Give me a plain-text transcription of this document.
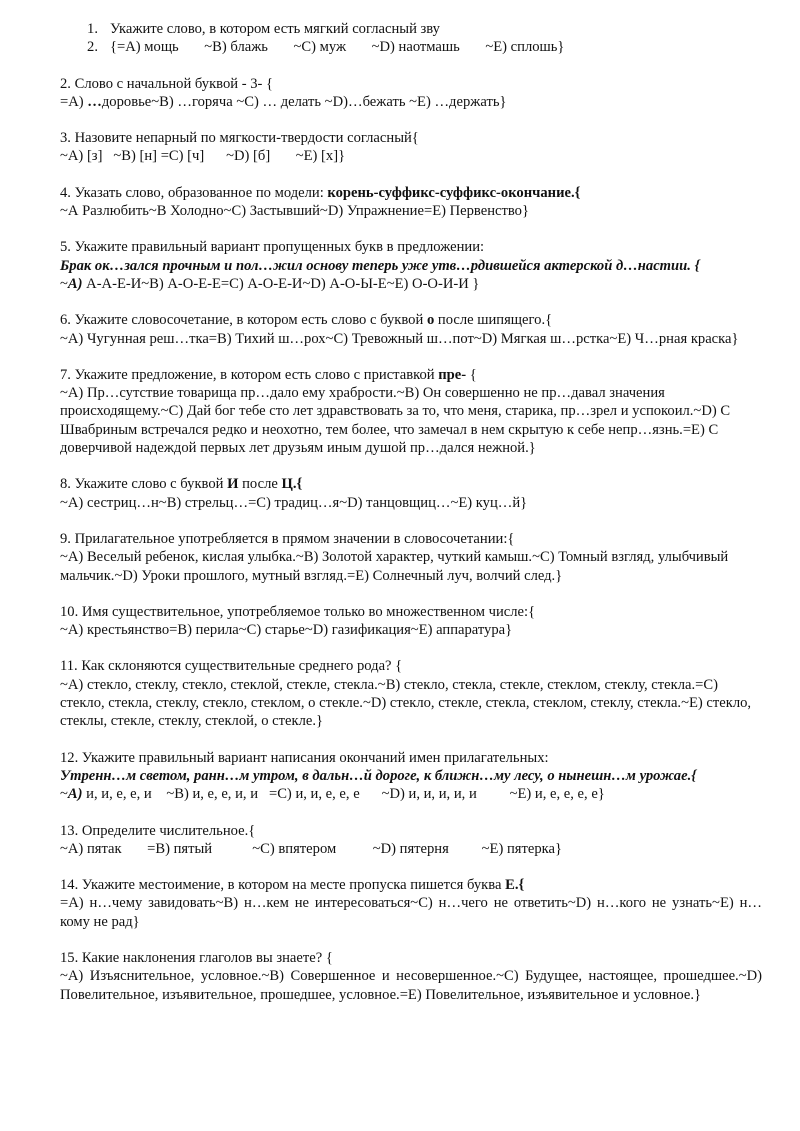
1. Укажите слово, в котором есть мягкий согласный зву
2. {=A) мощь       ~B) блажь       ~C) муж       ~D) наотмашь       ~E) сплошь}
2. Слово с начальной буквой - 3- {
=A) …доровье~B) …горяча ~C) … делать ~D)…бежать ~E) …держать}
3. Назовите непарный по мягкости-твердости согласный{
~A) [з]   ~B) [н] =C) [ч]      ~D) [б]       ~E) [х]}
4. Указать слово, образованное по модели: корень-суффикс-суффикс-окончание.{
~А Разлюбить~B Холодно~C) Застывший~D) Упражнение=E) Первенство}
5. Укажите правильный вариант пропущенных букв в предложении:
Брак ок…зался прочным и пол…жил основу теперь уже утв…рдившейся актерской д…настии. {
~А) А-А-Е-И~B) А-О-Е-Е=C) А-О-Е-И~D) А-О-Ы-Е~E) О-О-И-И }
6. Укажите словосочетание, в котором есть слово с буквой о после шипящего.{
~A) Чугунная реш…тка=B) Тихий ш…рох~C) Тревожный ш…пот~D) Мягкая ш…рстка~E) Ч…рная краска}
7. Укажите предложение, в котором есть слово с приставкой пре- {
~A) Пр…сутствие товарища пр…дало ему храбрости.~B) Он совершенно не пр…давал значения происходящему.~C) Дай бог тебе сто лет здравствовать за то, что меня, старика, пр…зрел и успокоил.~D) С Швабриным встречался редко и неохотно, тем более, что замечал в нем скрытую к себе непр…язнь.=E) С доверчивой надеждой первых лет друзьям иным душой пр…дался нежной.}
8. Укажите слово с буквой И после Ц.{
~A) сестриц…н~B) стрельц…=C) традиц…я~D) танцовщиц…~E) куц…й}
9. Прилагательное употребляется в прямом значении в словосочетании:{
~A) Веселый ребенок, кислая улыбка.~B) Золотой характер, чуткий камыш.~C) Томный взгляд, улыбчивый мальчик.~D) Уроки прошлого, мутный взгляд.=E) Солнечный луч, волчий след.}
10. Имя существительное, употребляемое только во множественном числе:{
~A) крестьянство=B) перила~C) старье~D) газификация~E) аппаратура}
11. Как склоняются существительные среднего рода? {
~A) стекло, стеклу, стекло, стеклой, стекле, стекла.~B) стекло, стекла, стекле, стеклом, стеклу, стекла.=C) стекло, стекла, стеклу, стекло, стеклом, о стекле.~D) стекло, стекле, стекла, стеклом, стеклу, стекла.~E) стекло, стеклы, стекле, стеклу, стеклой, о стекле.}
12. Укажите правильный вариант написания окончаний имен прилагательных:
Утренн…м светом, ранн…м утром, в дальн…й дороге, к ближн…му лесу, о нынешн…м урожае.{
~А) и, и, е, е, и    ~B) и, е, е, и, и   =C) и, и, е, е, е      ~D) и, и, и, и, и         ~E) и, е, е, е, е}
13. Определите числительное.{
~A) пятак       =B) пятый           ~C) впятером          ~D) пятерня         ~E) пятерка}
14. Укажите местоимение, в котором на месте пропуска пишется буква Е.{
=A) н…чему завидовать~B) н…кем не интересоваться~C) н…чего не ответить~D) н…кого не узнать~E) н…кому не рад}
15. Какие наклонения глаголов вы знаете? {
~A) Изъяснительное, условное.~B) Совершенное и несовершенное.~C) Будущее, настоящее, прошедшее.~D) Повелительное, изъявительное, прошедшее, условное.=E) Повелительное, изъявительное и условное.}
